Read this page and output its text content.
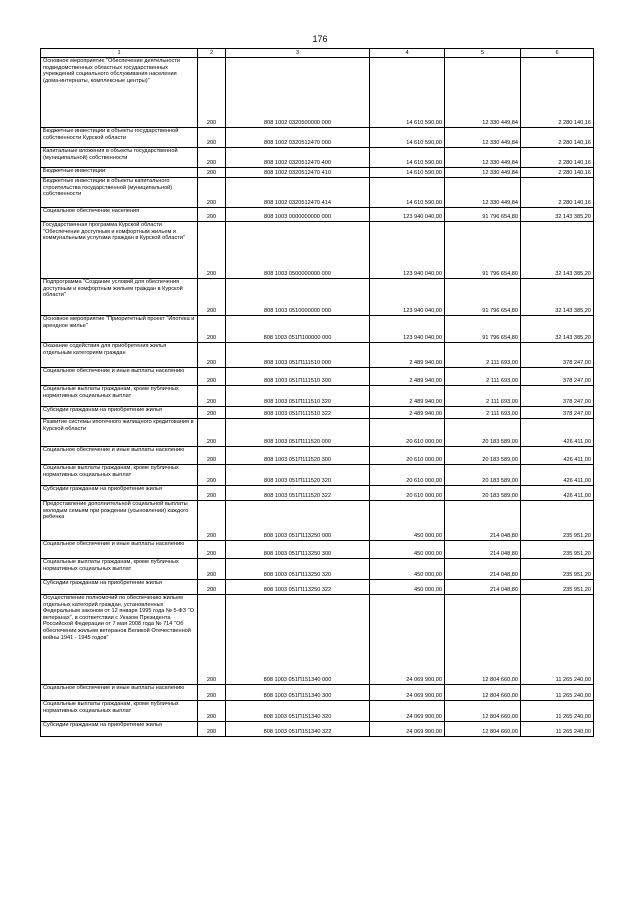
176
1	2	3	4	5	6
Основное мероприятие "Обеспечение деятельности подведомственных областных государственных учреждений социального обслуживания населения (дома-интернаты, комплексные центры)"	200	808 1002 0320500000 000	14 610 590,00	12 330 449,84	2 280 140,16
Бюджетные инвестиции в объекты государственной собственности Курской области	200	808 1002 0320512470 000	14 610 590,00	12 330 449,84	2 280 140,16
Капитальные вложения в объекты государственной (муниципальной) собственности	200	808 1002 0320512470 400	14 610 590,00	12 330 449,84	2 280 140,16
Бюджетные инвестиции	200	808 1002 0320512470 410	14 610 590,00	12 330 449,84	2 280 140,16
Бюджетные инвестиции в объекты капитального строительства государственной (муниципальной) собственности	200	808 1002 0320512470 414	14 610 590,00	12 330 449,84	2 280 140,16
Социальное обеспечение населения	200	808 1003 0000000000 000	123 940 040,00	91 796 654,80	32 143 385,20
Государственная программа Курской области "Обеспечение доступным и комфортным жильем и коммунальными услугами граждан в Курской области"	200	808 1003 0500000000 000	123 940 040,00	91 796 654,80	32 143 385,20
Подпрограмма "Создание условий для обеспечения доступным и комфортным жильем граждан в Курской области"	200	808 1003 0510000000 000	123 940 040,00	91 796 654,80	32 143 385,20
Основное мероприятие "Приоритетный проект "Ипотека и арендное жилье"	200	808 1003 051П100000 000	123 940 040,00	91 796 654,80	32 143 385,20
Оказание содействия для приобретения жилья отдельным категориям граждан	200	808 1003 051П111510 000	2 489 940,00	2 111 693,00	378 247,00
Социальное обеспечение и иные выплаты населению	200	808 1003 051П111510 300	2 489 940,00	2 111 693,00	378 247,00
Социальные выплаты гражданам, кроме публичных нормативных социальных выплат	200	808 1003 051П111510 320	2 489 940,00	2 111 693,00	378 247,00
Субсидии гражданам на приобретение жилья	200	808 1003 051П111510 322	2 489 940,00	2 111 693,00	378 247,00
Развитие системы ипотечного жилищного кредитования в Курской области	200	808 1003 051П111520 000	20 610 000,00	20 183 589,00	426 411,00
Социальное обеспечение и иные выплаты населению	200	808 1003 051П111520 300	20 610 000,00	20 183 589,00	426 411,00
Социальные выплаты гражданам, кроме публичных нормативных социальных выплат	200	808 1003 051П111520 320	20 610 000,00	20 183 589,00	426 411,00
Субсидии гражданам на приобретение жилья	200	808 1003 051П111520 322	20 610 000,00	20 183 589,00	426 411,00
Предоставление дополнительной социальной выплаты молодым семьям при рождении (усыновлении) каждого ребенка	200	808 1003 051П113250 000	450 000,00	214 048,80	235 951,20
Социальное обеспечение и иные выплаты населению	200	808 1003 051П113250 300	450 000,00	214 048,80	235 951,20
Социальные выплаты гражданам, кроме публичных нормативных социальных выплат	200	808 1003 051П113250 320	450 000,00	214 048,80	235 951,20
Субсидии гражданам на приобретение жилья	200	808 1003 051П113250 322	450 000,00	214 048,80	235 951,20
Осуществление полномочий по обеспечению жильем отдельных категорий граждан, установленных Федеральным законом от 12 января 1995 года № 5-ФЗ "О ветеранах", в соответствии с Указом Президента Российской Федерации от 7 мая 2008 года № 714 "Об обеспечении жильем ветеранов Великой Отечественной войны 1941 - 1945 годов"	200	808 1003 051П151340 000	24 069 900,00	12 804 660,00	11 265 240,00
Социальное обеспечение и иные выплаты населению	200	808 1003 051П151340 300	24 069 900,00	12 804 660,00	11 265 240,00
Социальные выплаты гражданам, кроме публичных нормативных социальных выплат	200	808 1003 051П151340 320	24 069 900,00	12 804 660,00	11 265 240,00
Субсидии гражданам на приобретение жилья	200	808 1003 051П151340 322	24 069 900,00	12 804 660,00	11 265 240,00
